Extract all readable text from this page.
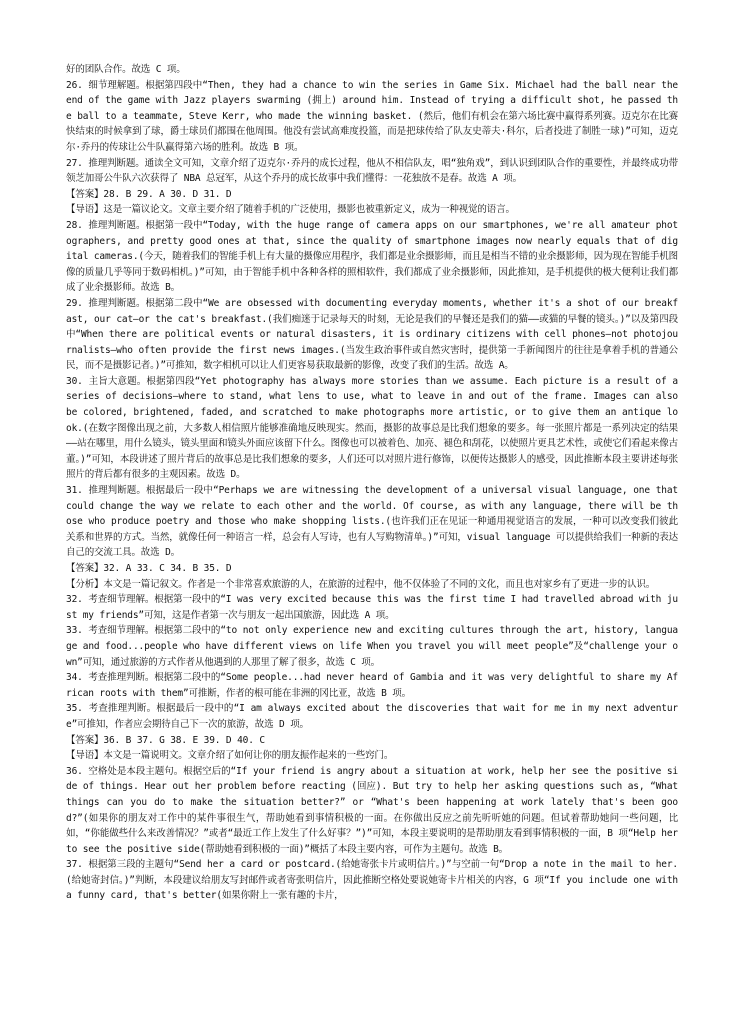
好的团队合作。故选 C 项。

26. 细节理解题。根据第四段中“Then, they had a chance to win the series in Game Six. Michael had the ball near the end of the game with Jazz players swarming (拥上) around him. Instead of trying a difficult shot, he passed the ball to a teammate, Steve Kerr, who made the winning basket. (然后，他们有机会在第六场比赛中赢得系列赛。迈克尔在比赛快结束的时候拿到了球，爵士球员们都围在他周围。他没有尝试高难度投篮，而是把球传给了队友史蒂夫·科尔，后者投进了制胜一球)”可知，迈克尔·乔丹的传球让公牛队赢得第六场的胜利。故选 B 项。

27. 推理判断题。通读全文可知，文章介绍了迈克尔·乔丹的成长过程，他从不相信队友，唱“独角戏”，到认识到团队合作的重要性，并最终成功带领芝加哥公牛队六次获得了 NBA 总冠军，从这个乔丹的成长故事中我们懂得：一花独放不是春。故选 A 项。

【答案】28. B 29. A 30. D 31. D

【导语】这是一篇议论文。文章主要介绍了随着手机的广泛使用，摄影也被重新定义，成为一种视觉的语言。

28. 推理判断题。根据第一段中“Today, with the huge range of camera apps on our smartphones, we're all amateur photographers, and pretty good ones at that, since the quality of smartphone images now nearly equals that of digital cameras.(今天，随着我们的智能手机上有大量的摄像应用程序，我们都是业余摄影师，而且是相当不错的业余摄影师，因为现在智能手机图像的质量几乎等同于数码相机。)”可知，由于智能手机中各种各样的照相软件，我们都成了业余摄影师，因此推知，是手机提供的极大便利让我们都成了业余摄影师。故选 B。

29. 推理判断题。根据第二段中“We are obsessed with documenting everyday moments, whether it's a shot of our breakfast, our cat—or the cat's breakfast.(我们痴迷于记录每天的时刻，无论是我们的早餐还是我们的猫——或猫的早餐的镜头。)”以及第四段中“When there are political events or natural disasters, it is ordinary citizens with cell phones—not photojournalists—who often provide the first news images.(当发生政治事件或自然灾害时，提供第一手新闻图片的往往是拿着手机的普通公民，而不是摄影记者。)”可推知，数字相机可以让人们更容易获取最新的影像，改变了我们的生活。故选 A。

30. 主旨大意题。根据第四段“Yet photography has always more stories than we assume. Each picture is a result of a series of decisions—where to stand, what lens to use, what to leave in and out of the frame. Images can also be colored, brightened, faded, and scratched to make photographs more artistic, or to give them an antique look.(在数字图像出现之前，大多数人相信照片能够准确地反映现实。然而，摄影的故事总是比我们想象的要多。每一张照片都是一系列决定的结果——站在哪里，用什么镜头，镜头里面和镜头外面应该留下什么。图像也可以被着色、加亮、褪色和刮花，以使照片更具艺术性，或使它们看起来像古董。)”可知，本段讲述了照片背后的故事总是比我们想象的要多，人们还可以对照片进行修饰，以便传达摄影人的感受，因此推断本段主要讲述每张照片的背后都有很多的主观因素。故选 D。

31. 推理判断题。根据最后一段中“Perhaps we are witnessing the development of a universal visual language, one that could change the way we relate to each other and the world. Of course, as with any language, there will be those who produce poetry and those who make shopping lists.(也许我们正在见证一种通用视觉语言的发展，一种可以改变我们彼此关系和世界的方式。当然，就像任何一种语言一样，总会有人写诗，也有人写购物清单。)”可知，visual language 可以提供给我们一种新的表达自己的交流工具。故选 D。

【答案】32. A 33. C 34. B 35. D

【分析】本文是一篇记叙文。作者是一个非常喜欢旅游的人，在旅游的过程中，他不仅体验了不同的文化，而且也对家乡有了更进一步的认识。

32. 考查细节理解。根据第一段中的“I was very excited because this was the first time I had travelled abroad with just my friends”可知，这是作者第一次与朋友一起出国旅游，因此选 A 项。

33. 考查细节理解。根据第二段中的“to not only experience new and exciting cultures through the art, history, language and food...people who have different views on life When you travel you will meet people”及“challenge your own”可知，通过旅游的方式作者从他遇到的人那里了解了很多，故选 C 项。

34. 考查推理判断。根据第二段中的“Some people...had never heard of Gambia and it was very delightful to share my African roots with them”可推断，作者的根可能在非洲的冈比亚，故选 B 项。

35. 考查推理判断。根据最后一段中的“I am always excited about the discoveries that wait for me in my next adventure”可推知，作者应会期待自己下一次的旅游，故选 D 项。

【答案】36. B 37. G 38. E 39. D 40. C

【导语】本文是一篇说明文。文章介绍了如何让你的朋友振作起来的一些窍门。

36. 空格处是本段主题句。根据空后的“If your friend is angry about a situation at work, help her see the positive side of things. Hear out her problem before reacting (回应). But try to help her asking questions such as, “What things can you do to make the situation better?” or “What's been happening at work lately that's been good?”(如果你的朋友对工作中的某件事很生气，帮助她看到事情积极的一面。在你做出反应之前先听听她的问题。但试着帮助她问一些问题，比如，“你能做些什么来改善情况？”或者“最近工作上发生了什么好事？”)”可知，本段主要说明的是帮助朋友看到事情积极的一面，B 项“Help her to see the positive side(帮助她看到积极的一面)”概括了本段主要内容，可作为主题句。故选 B。

37. 根据第三段的主题句“Send her a card or postcard.(给她寄张卡片或明信片。)”与空前一句“Drop a note in the mail to her.(给她寄封信。)”判断，本段建议给朋友写封邮件或者寄张明信片，因此推断空格处要说她寄卡片相关的内容，G 项“If you include one with a funny card, that's better(如果你附上一张有趣的卡片，
